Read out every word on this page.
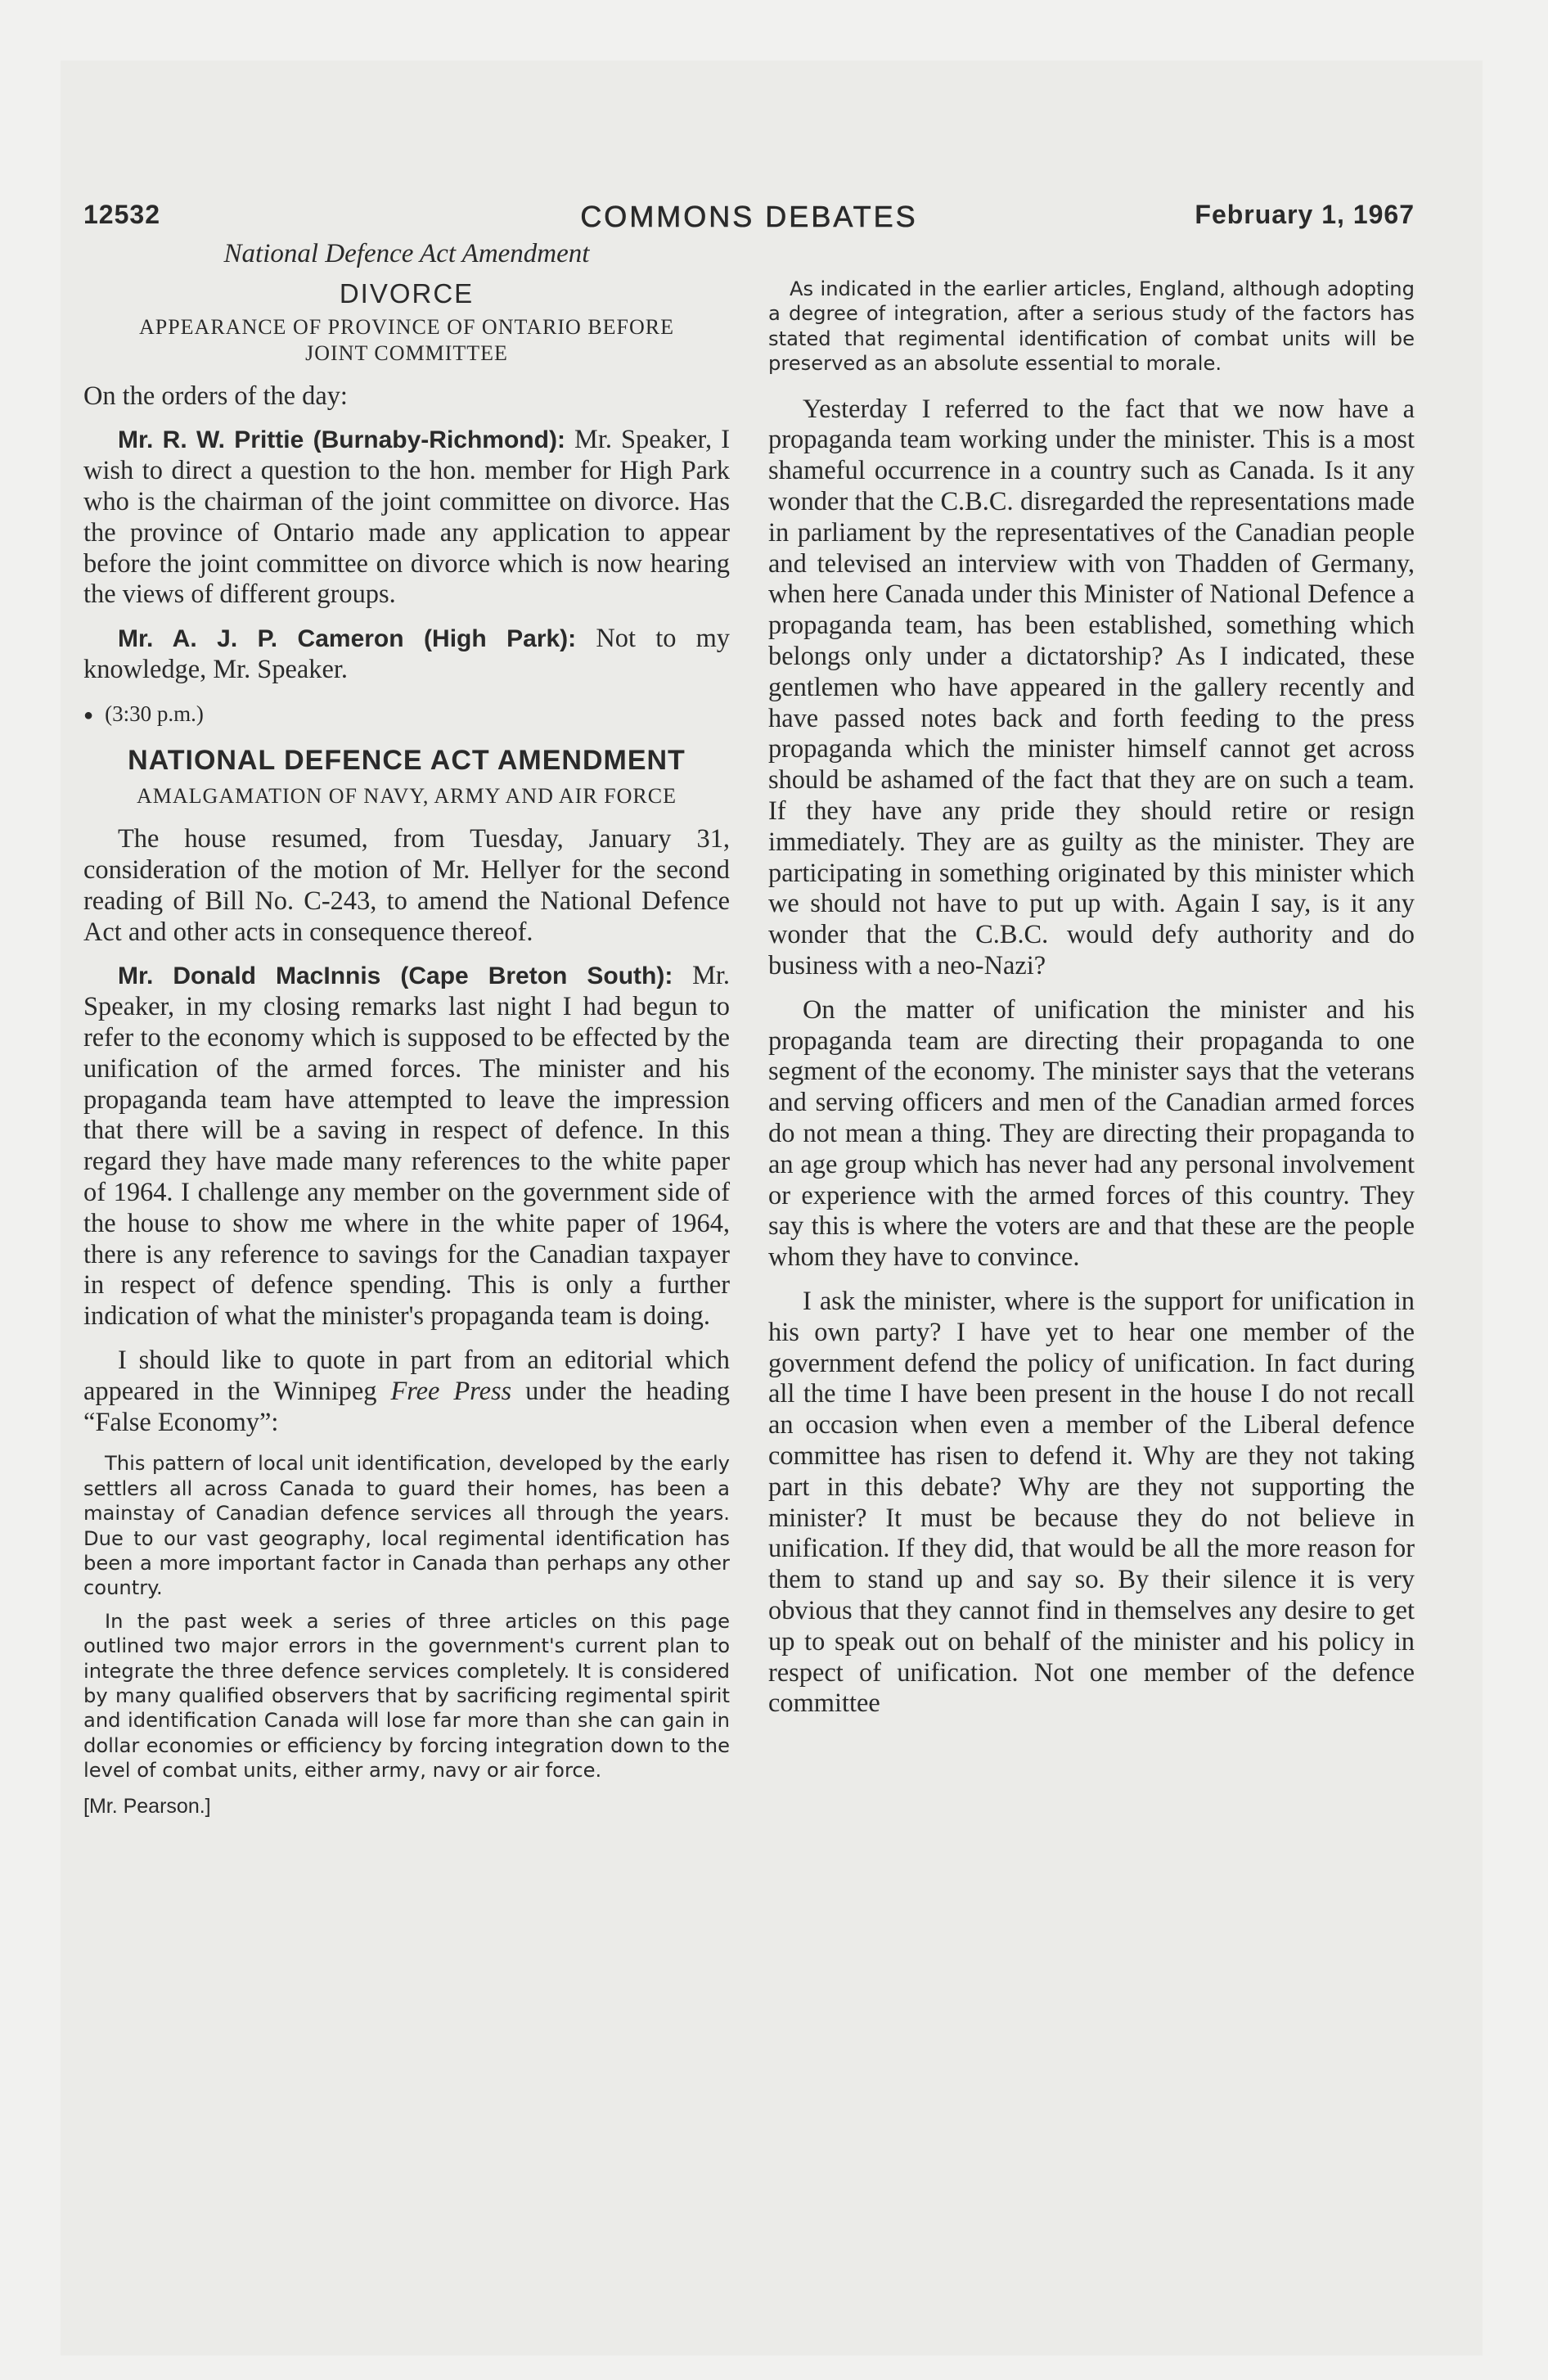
12532	COMMONS DEBATES	February 1, 1967

National Defence Act Amendment

DIVORCE

APPEARANCE OF PROVINCE OF ONTARIO BEFORE JOINT COMMITTEE

On the orders of the day:

Mr. R. W. Prittie (Burnaby-Richmond): Mr. Speaker, I wish to direct a question to the hon. member for High Park who is the chairman of the joint committee on divorce. Has the province of Ontario made any application to appear before the joint committee on divorce which is now hearing the views of different groups.

Mr. A. J. P. Cameron (High Park): Not to my knowledge, Mr. Speaker.

● (3:30 p.m.)

NATIONAL DEFENCE ACT AMENDMENT

AMALGAMATION OF NAVY, ARMY AND AIR FORCE

The house resumed, from Tuesday, January 31, consideration of the motion of Mr. Hellyer for the second reading of Bill No. C-243, to amend the National Defence Act and other acts in consequence thereof.

Mr. Donald MacInnis (Cape Breton South): Mr. Speaker, in my closing remarks last night I had begun to refer to the economy which is supposed to be effected by the unification of the armed forces. The minister and his propaganda team have attempted to leave the impression that there will be a saving in respect of defence. In this regard they have made many references to the white paper of 1964. I challenge any member on the government side of the house to show me where in the white paper of 1964, there is any reference to savings for the Canadian taxpayer in respect of defence spending. This is only a further indication of what the minister's propaganda team is doing.

I should like to quote in part from an editorial which appeared in the Winnipeg Free Press under the heading “False Economy”:

This pattern of local unit identification, developed by the early settlers all across Canada to guard their homes, has been a mainstay of Canadian defence services all through the years. Due to our vast geography, local regimental identification has been a more important factor in Canada than perhaps any other country.

In the past week a series of three articles on this page outlined two major errors in the government's current plan to integrate the three defence services completely. It is considered by many qualified observers that by sacrificing regimental spirit and identification Canada will lose far more than she can gain in dollar economies or efficiency by forcing integration down to the level of combat units, either army, navy or air force.

[Mr. Pearson.]

As indicated in the earlier articles, England, although adopting a degree of integration, after a serious study of the factors has stated that regimental identification of combat units will be preserved as an absolute essential to morale.

Yesterday I referred to the fact that we now have a propaganda team working under the minister. This is a most shameful occurrence in a country such as Canada. Is it any wonder that the C.B.C. disregarded the representations made in parliament by the representatives of the Canadian people and televised an interview with von Thadden of Germany, when here Canada under this Minister of National Defence a propaganda team, has been established, something which belongs only under a dictatorship? As I indicated, these gentlemen who have appeared in the gallery recently and have passed notes back and forth feeding to the press propaganda which the minister himself cannot get across should be ashamed of the fact that they are on such a team. If they have any pride they should retire or resign immediately. They are as guilty as the minister. They are participating in something originated by this minister which we should not have to put up with. Again I say, is it any wonder that the C.B.C. would defy authority and do business with a neo-Nazi?

On the matter of unification the minister and his propaganda team are directing their propaganda to one segment of the economy. The minister says that the veterans and serving officers and men of the Canadian armed forces do not mean a thing. They are directing their propaganda to an age group which has never had any personal involvement or experience with the armed forces of this country. They say this is where the voters are and that these are the people whom they have to convince.

I ask the minister, where is the support for unification in his own party? I have yet to hear one member of the government defend the policy of unification. In fact during all the time I have been present in the house I do not recall an occasion when even a member of the Liberal defence committee has risen to defend it. Why are they not taking part in this debate? Why are they not supporting the minister? It must be because they do not believe in unification. If they did, that would be all the more reason for them to stand up and say so. By their silence it is very obvious that they cannot find in themselves any desire to get up to speak out on behalf of the minister and his policy in respect of unification. Not one member of the defence committee
